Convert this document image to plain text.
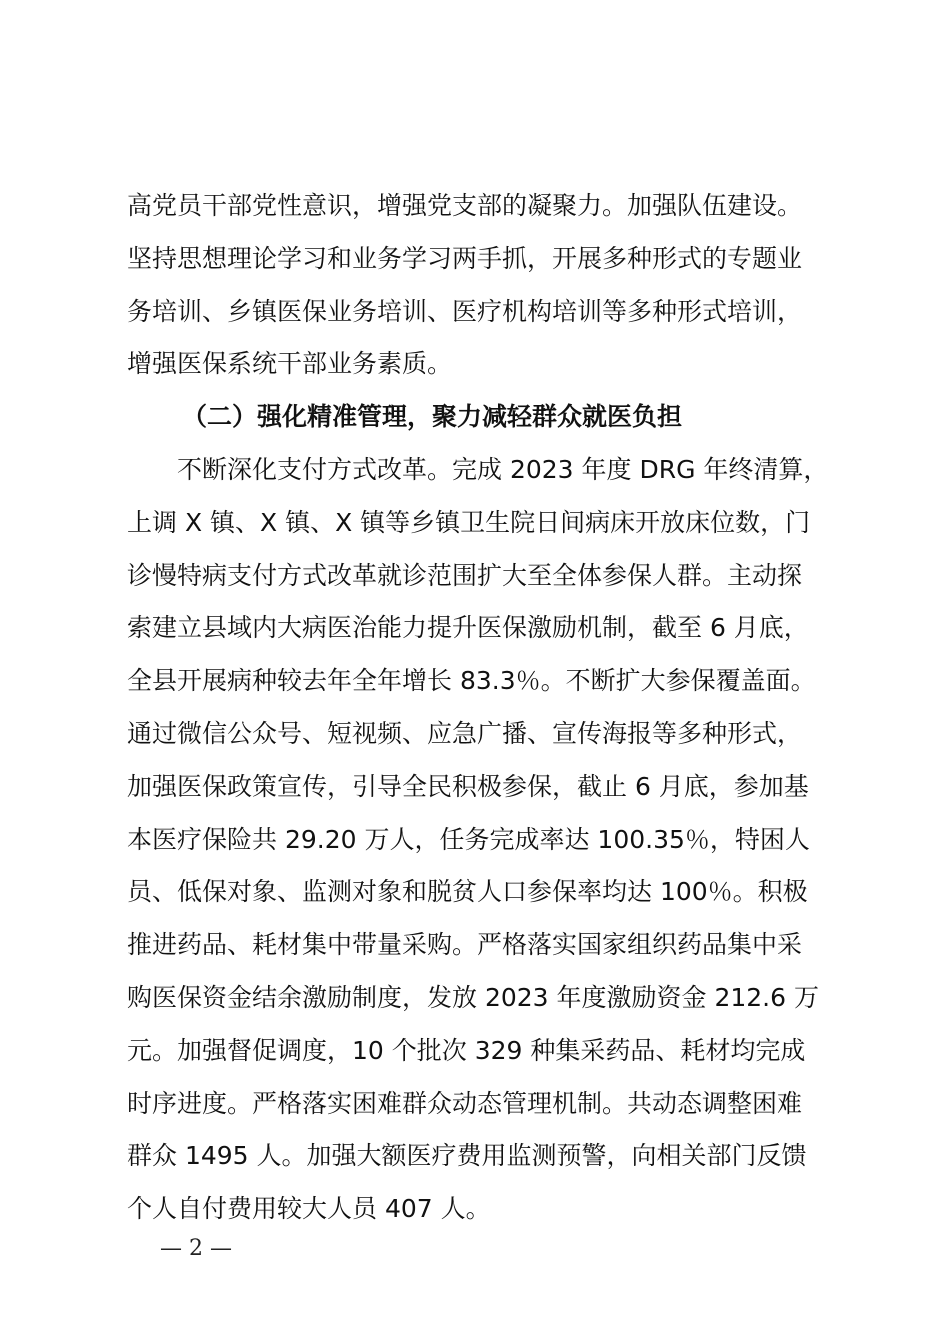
高党员干部党性意识，增强党支部的凝聚力。加强队伍建设。
坚持思想理论学习和业务学习两手抓，开展多种形式的专题业
务培训、乡镇医保业务培训、医疗机构培训等多种形式培训，
增强医保系统干部业务素质。
（二）强化精准管理，聚力减轻群众就医负担
不断深化支付方式改革。完成 2023 年度 DRG 年终清算，
上调 X 镇、X 镇、X 镇等乡镇卫生院日间病床开放床位数，门
诊慢特病支付方式改革就诊范围扩大至全体参保人群。主动探
索建立县域内大病医治能力提升医保激励机制，截至 6 月底，
全县开展病种较去年全年增长 83.3％。不断扩大参保覆盖面。
通过微信公众号、短视频、应急广播、宣传海报等多种形式，
加强医保政策宣传，引导全民积极参保，截止 6 月底，参加基
本医疗保险共 29.20 万人，任务完成率达 100.35％，特困人
员、低保对象、监测对象和脱贫人口参保率均达 100％。积极
推进药品、耗材集中带量采购。严格落实国家组织药品集中采
购医保资金结余激励制度，发放 2023 年度激励资金 212.6 万
元。加强督促调度，10 个批次 329 种集采药品、耗材均完成
时序进度。严格落实困难群众动态管理机制。共动态调整困难
群众 1495 人。加强大额医疗费用监测预警，向相关部门反馈
个人自付费用较大人员 407 人。
— 2 —
